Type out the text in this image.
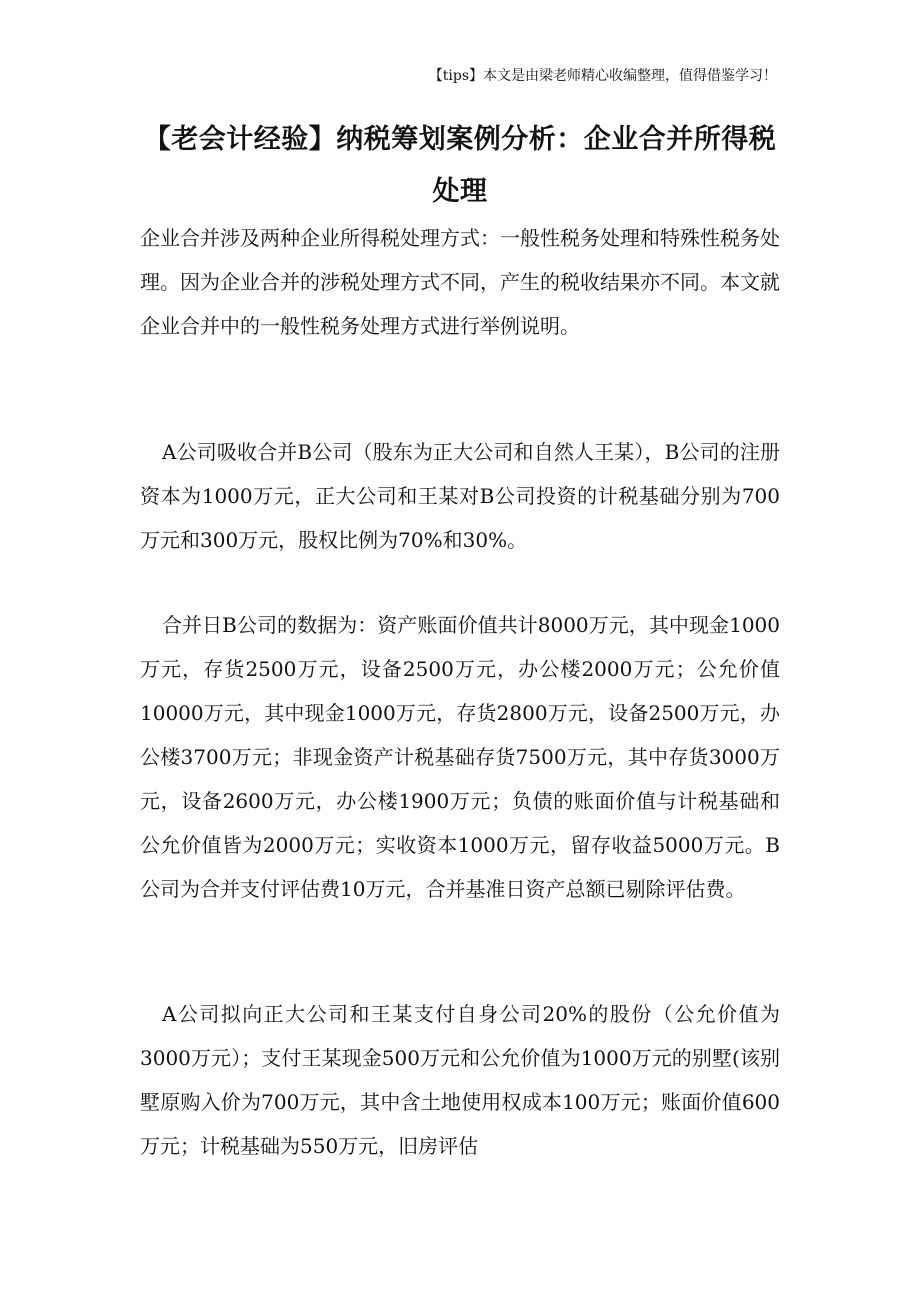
【tips】本文是由梁老师精心收编整理，值得借鉴学习！
【老会计经验】纳税筹划案例分析：企业合并所得税处理
企业合并涉及两种企业所得税处理方式：一般性税务处理和特殊性税务处理。因为企业合并的涉税处理方式不同，产生的税收结果亦不同。本文就企业合并中的一般性税务处理方式进行举例说明。
A公司吸收合并B公司（股东为正大公司和自然人王某），B公司的注册资本为1000万元，正大公司和王某对B公司投资的计税基础分别为700万元和300万元，股权比例为70%和30%。
合并日B公司的数据为：资产账面价值共计8000万元，其中现金1000万元，存货2500万元，设备2500万元，办公楼2000万元；公允价值10000万元，其中现金1000万元，存货2800万元，设备2500万元，办公楼3700万元；非现金资产计税基础存货7500万元，其中存货3000万元，设备2600万元，办公楼1900万元；负债的账面价值与计税基础和公允价值皆为2000万元；实收资本1000万元，留存收益5000万元。B公司为合并支付评估费10万元，合并基准日资产总额已剔除评估费。
A公司拟向正大公司和王某支付自身公司20%的股份（公允价值为3000万元）；支付王某现金500万元和公允价值为1000万元的别墅(该别墅原购入价为700万元，其中含土地使用权成本100万元；账面价值600万元；计税基础为550万元，旧房评估
